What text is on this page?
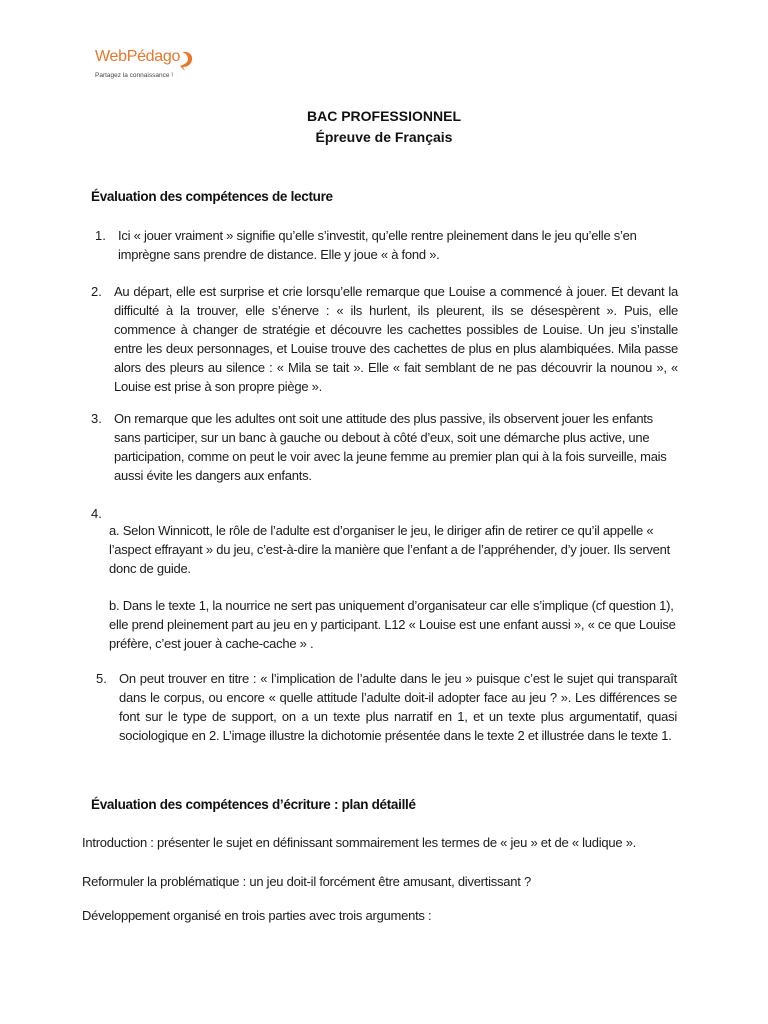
WebPédago
Partagez la connaissance !
BAC PROFESSIONNEL
Épreuve de Français
Évaluation des compétences de lecture
1. Ici « jouer vraiment » signifie qu’elle s’investit, qu’elle rentre pleinement dans le jeu qu’elle s’en imprègne sans prendre de distance. Elle y joue « à fond ».

2. Au départ, elle est surprise et crie lorsqu’elle remarque que Louise a commencé à jouer. Et devant la difficulté à la trouver, elle s’énerve : « ils hurlent, ils pleurent, ils se désespèrent ». Puis, elle commence à changer de stratégie et découvre les cachettes possibles de Louise. Un jeu s’installe entre les deux personnages, et Louise trouve des cachettes de plus en plus alambiquées. Mila passe alors des pleurs au silence : « Mila se tait ». Elle « fait semblant de ne pas découvrir la nounou », « Louise est prise à son propre piège ».

3. On remarque que les adultes ont soit une attitude des plus passive, ils observent jouer les enfants sans participer, sur un banc à gauche ou debout à côté d’eux, soit une démarche plus active, une participation, comme on peut le voir avec la jeune femme au premier plan qui à la fois surveille, mais aussi évite les dangers aux enfants.

4.

a. Selon Winnicott, le rôle de l’adulte est d’organiser le jeu, le diriger afin de retirer ce qu’il appelle « l’aspect effrayant » du jeu, c’est-à-dire la manière que l’enfant a de l’appréhender, d’y jouer. Ils servent donc de guide.

b. Dans le texte 1, la nourrice ne sert pas uniquement d’organisateur car elle s’implique (cf question 1), elle prend pleinement part au jeu en y participant. L12 « Louise est une enfant aussi », « ce que Louise préfère, c’est jouer à cache-cache » .

5. On peut trouver en titre : « l’implication de l’adulte dans le jeu » puisque c’est le sujet qui transparaît dans le corpus, ou encore « quelle attitude l’adulte doit-il adopter face au jeu ? ». Les différences se font sur le type de support, on a un texte plus narratif en 1, et un texte plus argumentatif, quasi sociologique en 2. L’image illustre la dichotomie présentée dans le texte 2 et illustrée dans le texte 1.

Évaluation des compétences d’écriture : plan détaillé
Introduction : présenter le sujet en définissant sommairement les termes de « jeu » et de « ludique ».
Reformuler la problématique : un jeu doit-il forcément être amusant, divertissant ?
Développement organisé en trois parties avec trois arguments :
